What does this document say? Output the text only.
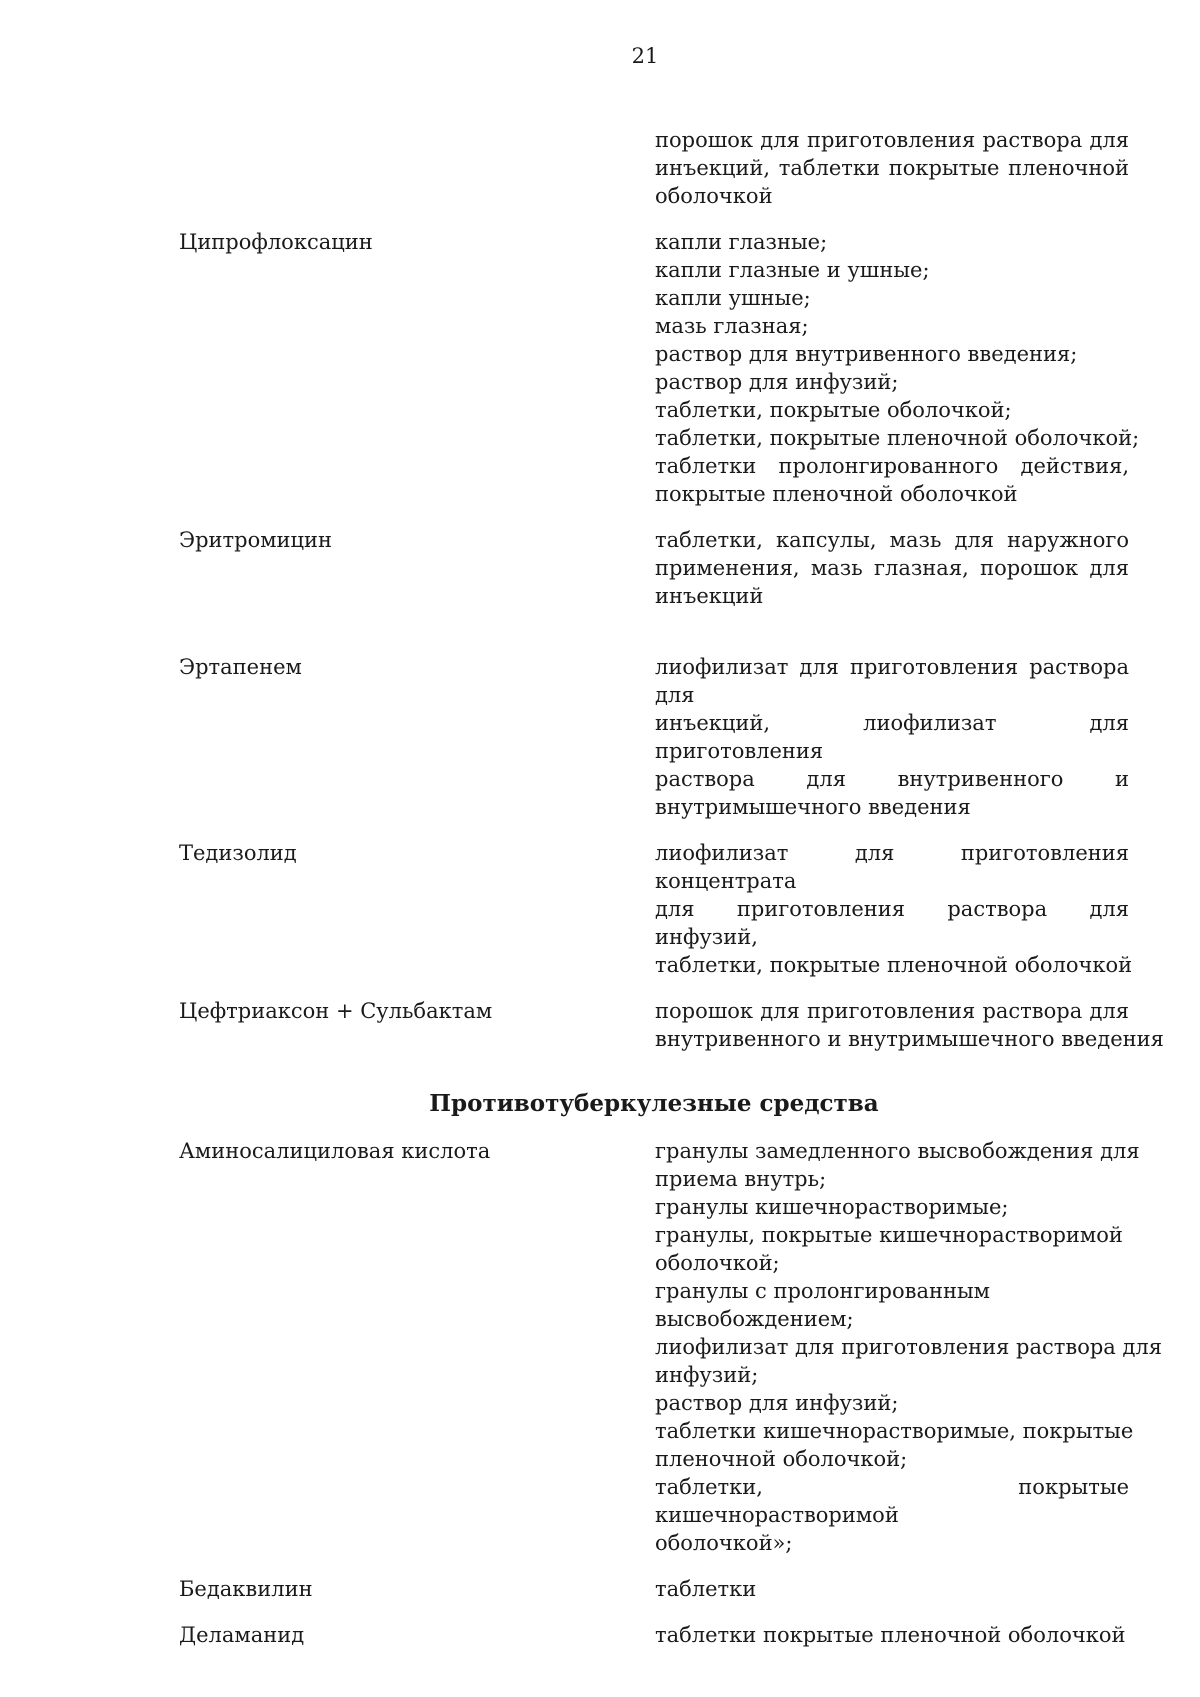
21
порошок для приготовления раствора для
инъекций, таблетки покрытые пленочной
оболочкой
Ципрофлоксацин	капли глазные;
капли глазные и ушные;
капли ушные;
мазь глазная;
раствор для внутривенного введения;
раствор для инфузий;
таблетки, покрытые оболочкой;
таблетки, покрытые пленочной оболочкой;
таблетки пролонгированного действия,
покрытые пленочной оболочкой
Эритромицин	таблетки, капсулы, мазь для наружного
применения, мазь глазная, порошок для
инъекций
Эртапенем	лиофилизат для приготовления раствора для
инъекций, лиофилизат для приготовления
раствора для внутривенного и
внутримышечного введения
Тедизолид	лиофилизат для приготовления концентрата
для приготовления раствора для инфузий,
таблетки, покрытые пленочной оболочкой
Цефтриаксон + Сульбактам	порошок для приготовления раствора для
внутривенного и внутримышечного введения
Противотуберкулезные средства
Аминосалициловая кислота	гранулы замедленного высвобождения для
приема внутрь;
гранулы кишечнорастворимые;
гранулы, покрытые кишечнорастворимой
оболочкой;
гранулы с пролонгированным
высвобождением;
лиофилизат для приготовления раствора для
инфузий;
раствор для инфузий;
таблетки кишечнорастворимые, покрытые
пленочной оболочкой;
таблетки, покрытые кишечнорастворимой
оболочкой»;
Бедаквилин	таблетки
Деламанид	таблетки покрытые пленочной оболочкой
